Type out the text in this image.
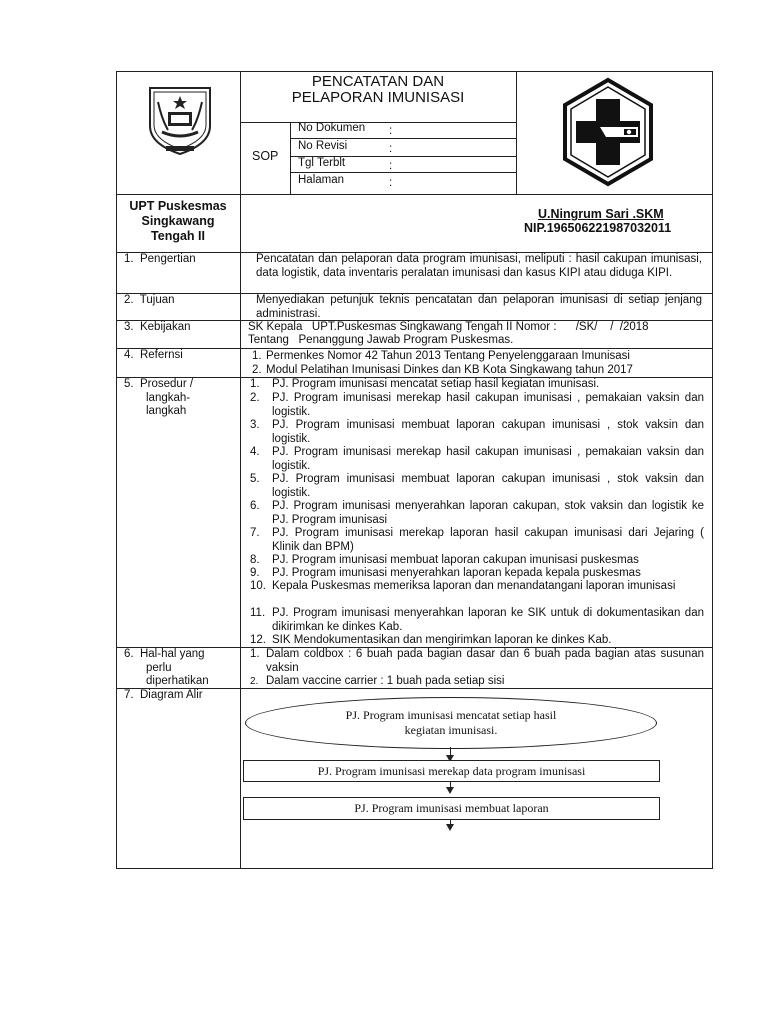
PENCATATAN DAN
PELAPORAN IMUNISASI
SOP
No Dokumen :
No Revisi	:
Tgl Terblt	:
Halaman	:
UPT Puskesmas
Singkawang
Tengah II
U.Ningrum Sari .SKM
NIP.196506221987032011
1.  Pengertian	Pencatatan dan pelaporan data program imunisasi, meliputi : hasil cakupan imunisasi, data logistik, data inventaris peralatan imunisasi dan kasus KIPI atau diduga KIPI.
2.  Tujuan	Menyediakan petunjuk teknis pencatatan dan pelaporan imunisasi di setiap jenjang administrasi.
3.  Kebijakan	SK Kepala   UPT.Puskesmas Singkawang Tengah II Nomor :      /SK/    /  /2018
Tentang   Penanggung Jawab Program Puskesmas.
4.  Refernsi	1. Permenkes Nomor 42 Tahun 2013 Tentang Penyelenggaraan Imunisasi
2. Modul Pelatihan Imunisasi Dinkes dan KB Kota Singkawang tahun 2017
5.  Prosedur /
langkah-
langkah
1. PJ. Program imunisasi mencatat setiap hasil kegiatan imunisasi.
2. PJ. Program imunisasi merekap hasil cakupan imunisasi , pemakaian vaksin dan logistik.
3. PJ. Program imunisasi membuat laporan cakupan imunisasi , stok vaksin dan logistik.
4. PJ. Program imunisasi merekap hasil cakupan imunisasi , pemakaian vaksin dan logistik.
5. PJ. Program imunisasi membuat laporan cakupan imunisasi , stok vaksin dan logistik.
6. PJ. Program imunisasi menyerahkan laporan cakupan, stok vaksin dan logistik ke PJ. Program imunisasi
7. PJ. Program imunisasi merekap laporan hasil cakupan imunisasi dari Jejaring ( Klinik dan BPM)
8. PJ. Program imunisasi membuat laporan cakupan imunisasi puskesmas
9. PJ. Program imunisasi menyerahkan laporan kepada kepala puskesmas
10. Kepala Puskesmas memeriksa laporan dan menandatangani laporan imunisasi
11. PJ. Program imunisasi menyerahkan laporan ke SIK untuk di dokumentasikan dan dikirimkan ke dinkes Kab.
12. SIK Mendokumentasikan dan mengirimkan laporan ke dinkes Kab.
6.  Hal-hal yang
perlu
diperhatikan
1. Dalam coldbox : 6 buah pada bagian dasar dan 6 buah pada bagian atas susunan vaksin
2. Dalam vaccine carrier : 1 buah pada setiap sisi
7.  Diagram Alir
PJ. Program imunisasi mencatat setiap hasil
kegiatan imunisasi.
PJ. Program imunisasi merekap data program imunisasi
PJ. Program imunisasi membuat laporan
